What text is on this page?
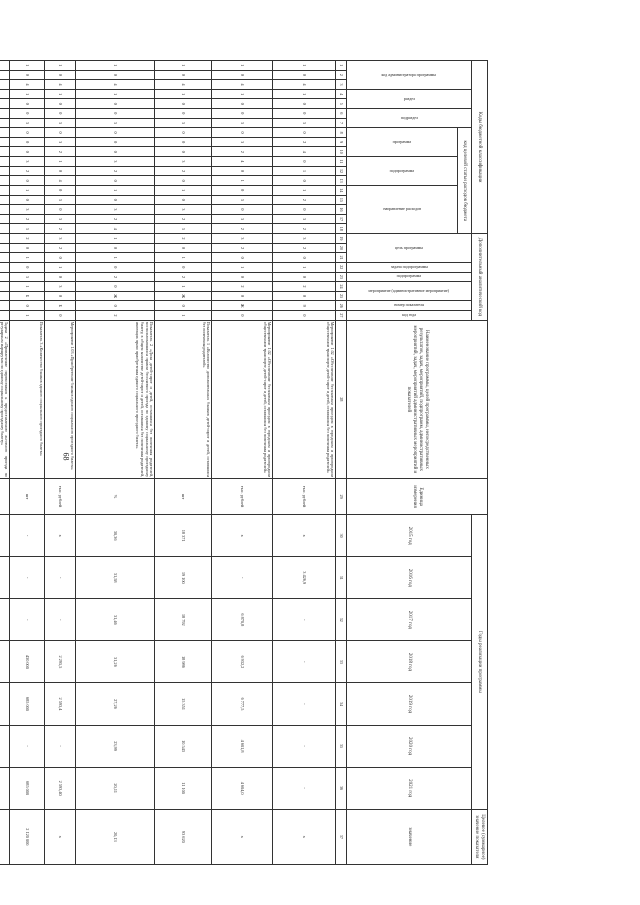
68
Коды бюджетной классификации																		Дополнительный аналитический код									Наименование программы, целей программы, непосредственных результатов, задач, мероприятий, подпрограмм, административных мероприятий, задач, мероприятий административных мероприятий и показателей	Единица измерения	Годы реализации программы							Целевое (суммарное) значение показателя

код администратора программы			раздел		подраздел		код целевой статьи расходов бюджета											цель программы			задача подпрограммы	подпрограмма	мероприятие (административное мероприятие)		номер показателя	код года			2015 год	2016 год	2017 год	2018 год	2019 год	2020 год	2021 год	значение

							программа			подпрограмма			направление расходов																							

1	2	3	4	5	6	7	8	9	10	11	12	13	14	15	16	17	18	19	20	21	22	23	24	25	26	27	28	29	30	31	32	33	34	35	36	37
1	0	4	1	0	0	3	0	2	4	0	1	0	1	2	0	3	2	3	2	0	1	0	2	0	9	0	Мероприятие 1.02 «Обеспечение бесплатным проездом в городском и пригородном общественном транспорте детей-сирот и детей, оставшихся без попечения родителей»	тыс. рублей	х	3 426,9	-	-	-	-	-	х
1	0	4	1	0	0	3	0	3	2	4	0	1	0	3	0	3	2	3	2	0	1	0	2	0	Ж	0	Мероприятие 1.02 «Обеспечение бесплатным проездом в городском и пригородном общественном транспорте детей-сирот и детей, оставшихся без попечения родителей»	тыс. рублей	х	-	6 870,8	6 932,2	6 777,5	4 601,8	4 604,0	х
1	0	4	1	0	0	3	0	0	0	3	2	0	1	0	3	2	3	2	0	1	0	2	1	Ж	0	1	Показатель 1 «Количество дополнительных бланков детей-сирот и детей, оставшихся без попечения родителей»	шт	18 371	19 100	18 792	18 986	15 351	10 543	11 100	93 620
1	0	4	1	0	0	3	0	0	0	3	2	0	1	0	3	2	4	1	0	1	0	2	0	Ж	0	2	Показатель 2 «Доля детей-сирот и детей, оставшихся без попечения родителей, воспользовавшихся правом бесплатного проезда по единому социальному проездному билету, в общем количестве детей-сирот и детей, оставшихся без попечения родителей, имеющих право приобретения единого социального проездного билета»	%	30,36	31,58	31,46	31,26	27,26	23,99	20,11	20,13
1	0	4	1	0	0	3	0	3	2	1	0	4	0	3	0	3	2	3	2	0	1	0	3	0	Б	0	Мероприятие 1.03 «Приобретение бланков единого социального проездного билета»	тыс. рублей	х	-	-	2 295,5	2 593,4	-	2 593,40	х
1	0	4	1	0	0	3	0	0	0	3	2	0	1	0	3	2	3	2	0	1	0	3	1	Б	0	1	Показатель 3 «Количество бланков единого социального проездного билета»	шт	-	-	-	430 000	685 000	-	685 000	2 120 000
																											Задача 2 «Привлечение перевозчиков к предоставлению льготного проезда по регулярным маршрутам по единому социальному проездному билету»									
